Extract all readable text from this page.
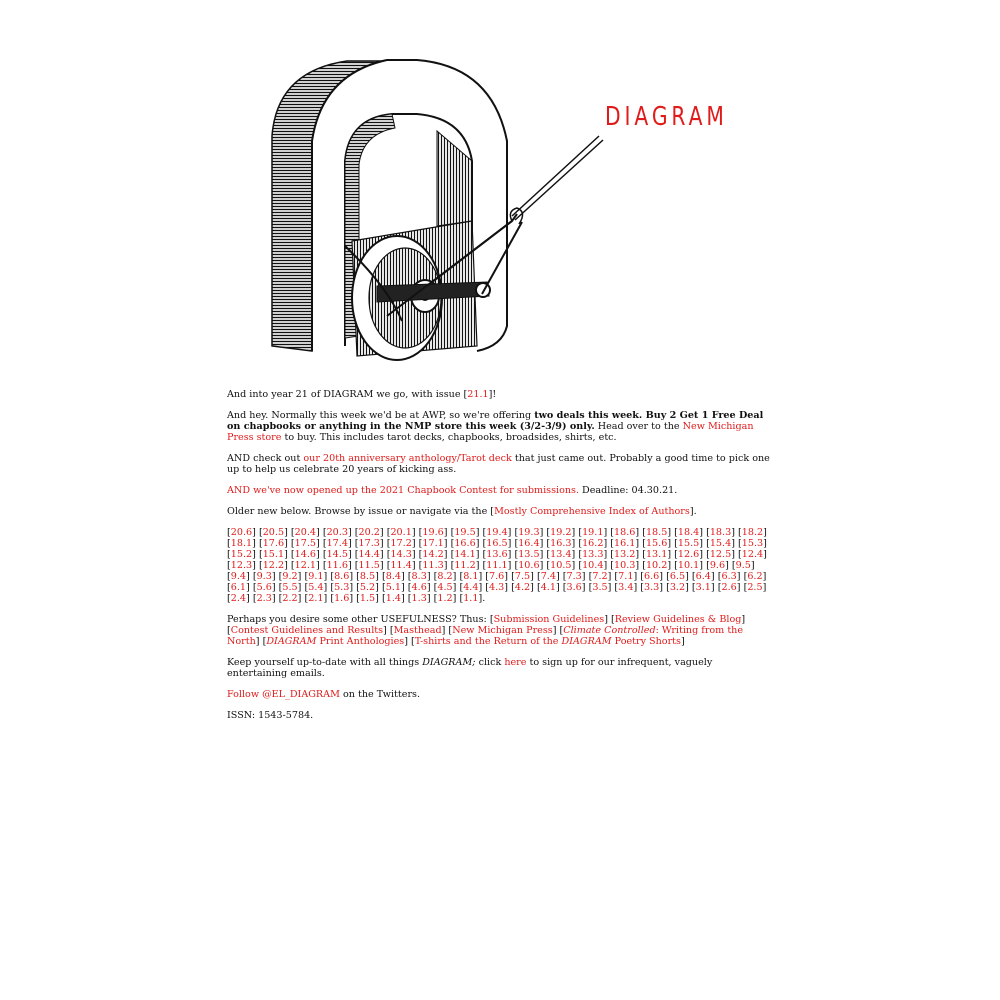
DIAGRAM

And into year 21 of DIAGRAM we go, with issue [21.1]!

And hey. Normally this week we'd be at AWP, so we're offering two deals this week. Buy 2 Get 1 Free Deal on chapbooks or anything in the NMP store this week (3/2-3/9) only. Head over to the New Michigan Press store to buy. This includes tarot decks, chapbooks, broadsides, shirts, etc.

AND check out our 20th anniversary anthology/Tarot deck that just came out. Probably a good time to pick one up to help us celebrate 20 years of kicking ass.

AND we've now opened up the 2021 Chapbook Contest for submissions. Deadline: 04.30.21.

Older new below. Browse by issue or navigate via the [Mostly Comprehensive Index of Authors].

[20.6] [20.5] [20.4] [20.3] [20.2] [20.1] [19.6] [19.5] [19.4] [19.3] [19.2] [19.1] [18.6] [18.5] [18.4] [18.3] [18.2] [18.1] [17.6] [17.5] [17.4] [17.3] [17.2] [17.1] [16.6] [16.5] [16.4] [16.3] [16.2] [16.1] [15.6] [15.5] [15.4] [15.3] [15.2] [15.1] [14.6] [14.5] [14.4] [14.3] [14.2] [14.1] [13.6] [13.5] [13.4] [13.3] [13.2] [13.1] [12.6] [12.5] [12.4] [12.3] [12.2] [12.1] [11.6] [11.5] [11.4] [11.3] [11.2] [11.1] [10.6] [10.5] [10.4] [10.3] [10.2] [10.1] [9.6] [9.5] [9.4] [9.3] [9.2] [9.1] [8.6] [8.5] [8.4] [8.3] [8.2] [8.1] [7.6] [7.5] [7.4] [7.3] [7.2] [7.1] [6.6] [6.5] [6.4] [6.3] [6.2] [6.1] [5.6] [5.5] [5.4] [5.3] [5.2] [5.1] [4.6] [4.5] [4.4] [4.3] [4.2] [4.1] [3.6] [3.5] [3.4] [3.3] [3.2] [3.1] [2.6] [2.5] [2.4] [2.3] [2.2] [2.1] [1.6] [1.5] [1.4] [1.3] [1.2] [1.1].

Perhaps you desire some other USEFULNESS? Thus: [Submission Guidelines] [Review Guidelines & Blog] [Contest Guidelines and Results] [Masthead] [New Michigan Press] [Climate Controlled: Writing from the North] [DIAGRAM Print Anthologies] [T-shirts and the Return of the DIAGRAM Poetry Shorts]

Keep yourself up-to-date with all things DIAGRAM; click here to sign up for our infrequent, vaguely entertaining emails.

Follow @EL_DIAGRAM on the Twitters.

ISSN: 1543-5784.
